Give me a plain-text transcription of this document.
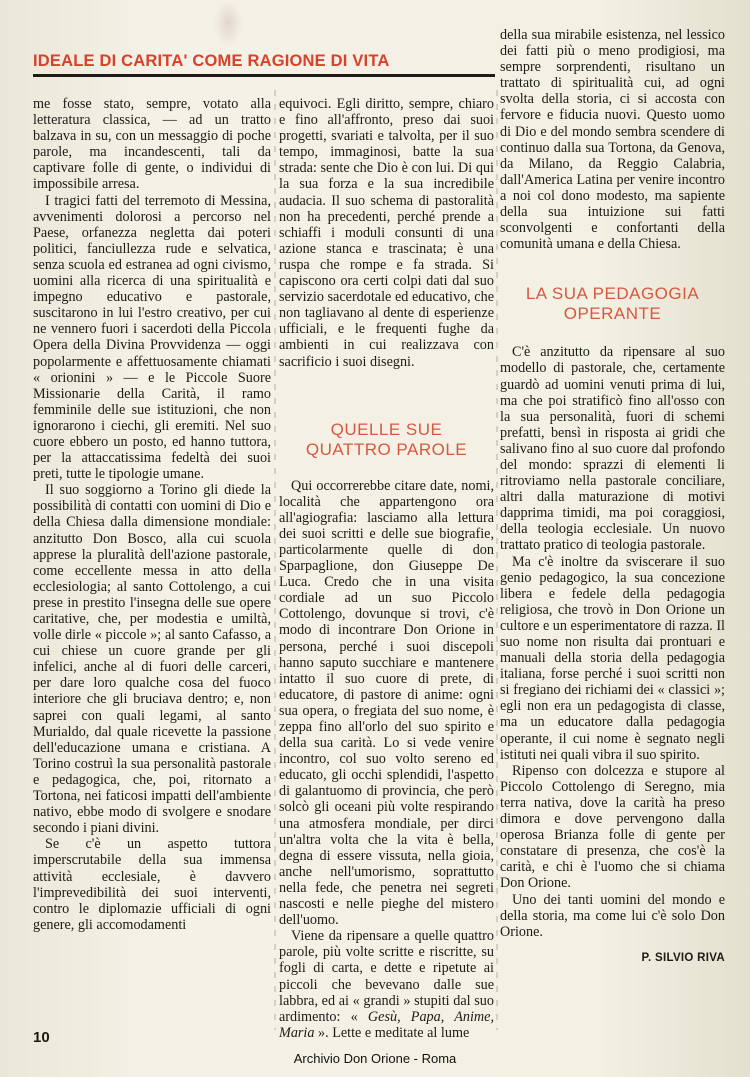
IDEALE DI CARITA' COME RAGIONE DI VITA

me fosse stato, sempre, votato alla letteratura classica, — ad un tratto balzava in su, con un messaggio di poche parole, ma incandescenti, tali da captivare folle di gente, o individui di impossibile arresa.

I tragici fatti del terremoto di Messina, avvenimenti dolorosi a percorso nel Paese, orfanezza negletta dai poteri politici, fanciullezza rude e selvatica, senza scuola ed estranea ad ogni civismo, uomini alla ricerca di una spiritualità e impegno educativo e pastorale, suscitarono in lui l'estro creativo, per cui ne vennero fuori i sacerdoti della Piccola Opera della Divina Provvidenza — oggi popolarmente e affettuosamente chiamati « orionini » — e le Piccole Suore Missionarie della Carità, il ramo femminile delle sue istituzioni, che non ignorarono i ciechi, gli eremiti. Nel suo cuore ebbero un posto, ed hanno tuttora, per la attaccatissima fedeltà dei suoi preti, tutte le tipologie umane.

Il suo soggiorno a Torino gli diede la possibilità di contatti con uomini di Dio e della Chiesa dalla dimensione mondiale: anzitutto Don Bosco, alla cui scuola apprese la pluralità dell'azione pastorale, come eccellente messa in atto della ecclesiologia; al santo Cottolengo, a cui prese in prestito l'insegna delle sue opere caritative, che, per modestia e umiltà, volle dirle « piccole »; al santo Cafasso, a cui chiese un cuore grande per gli infelici, anche al di fuori delle carceri, per dare loro qualche cosa del fuoco interiore che gli bruciava dentro; e, non saprei con quali legami, al santo Murialdo, dal quale ricevette la passione dell'educazione umana e cristiana. A Torino costruì la sua personalità pastorale e pedagogica, che, poi, ritornato a Tortona, nei faticosi impatti dell'ambiente nativo, ebbe modo di svolgere e snodare secondo i piani divini.

Se c'è un aspetto tuttora imperscrutabile della sua immensa attività ecclesiale, è davvero l'imprevedibilità dei suoi interventi, contro le diplomazie ufficiali di ogni genere, gli accomodamenti

equivoci. Egli diritto, sempre, chiaro e fino all'affronto, preso dai suoi progetti, svariati e talvolta, per il suo tempo, immaginosi, batte la sua strada: sente che Dio è con lui. Di qui la sua forza e la sua incredibile audacia. Il suo schema di pastoralità non ha precedenti, perché prende a schiaffi i moduli consunti di una azione stanca e trascinata; è una ruspa che rompe e fa strada. Si capiscono ora certi colpi dati dal suo servizio sacerdotale ed educativo, che non tagliavano al dente di esperienze ufficiali, e le frequenti fughe da ambienti in cui realizzava con sacrificio i suoi disegni.

QUELLE SUE
QUATTRO PAROLE

Qui occorrerebbe citare date, nomi, località che appartengono ora all'agiografia: lasciamo alla lettura dei suoi scritti e delle sue biografie, particolarmente quelle di don Sparpaglione, don Giuseppe De Luca. Credo che in una visita cordiale ad un suo Piccolo Cottolengo, dovunque si trovi, c'è modo di incontrare Don Orione in persona, perché i suoi discepoli hanno saputo succhiare e mantenere intatto il suo cuore di prete, di educatore, di pastore di anime: ogni sua opera, o fregiata del suo nome, è zeppa fino all'orlo del suo spirito e della sua carità. Lo si vede venire incontro, col suo volto sereno ed educato, gli occhi splendidi, l'aspetto di galantuomo di provincia, che però solcò gli oceani più volte respirando una atmosfera mondiale, per dirci un'altra volta che la vita è bella, degna di essere vissuta, nella gioia, anche nell'umorismo, soprattutto nella fede, che penetra nei segreti nascosti e nelle pieghe del mistero dell'uomo.

Viene da ripensare a quelle quattro parole, più volte scritte e riscritte, su fogli di carta, e dette e ripetute ai piccoli che bevevano dalle sue labbra, ed ai « grandi » stupiti dal suo ardimento: « Gesù, Papa, Anime, Maria ». Lette e meditate al lume

della sua mirabile esistenza, nel lessico dei fatti più o meno prodigiosi, ma sempre sorprendenti, risultano un trattato di spiritualità cui, ad ogni svolta della storia, ci si accosta con fervore e fiducia nuovi. Questo uomo di Dio e del mondo sembra scendere di continuo dalla sua Tortona, da Genova, da Milano, da Reggio Calabria, dall'America Latina per venire incontro a noi col dono modesto, ma sapiente della sua intuizione sui fatti sconvolgenti e confortanti della comunità umana e della Chiesa.

LA SUA PEDAGOGIA
OPERANTE

C'è anzitutto da ripensare al suo modello di pastorale, che, certamente guardò ad uomini venuti prima di lui, ma che poi stratificò fino all'osso con la sua personalità, fuori di schemi prefatti, bensì in risposta ai gridi che salivano fino al suo cuore dal profondo del mondo: sprazzi di elementi li ritroviamo nella pastorale conciliare, altri dalla maturazione di motivi dapprima timidi, ma poi coraggiosi, della teologia ecclesiale. Un nuovo trattato pratico di teologia pastorale.

Ma c'è inoltre da sviscerare il suo genio pedagogico, la sua concezione libera e fedele della pedagogia religiosa, che trovò in Don Orione un cultore e un esperimentatore di razza. Il suo nome non risulta dai prontuari e manuali della storia della pedagogia italiana, forse perché i suoi scritti non si fregiano dei richiami dei « classici »; egli non era un pedagogista di classe, ma un educatore dalla pedagogia operante, il cui nome è segnato negli istituti nei quali vibra il suo spirito.

Ripenso con dolcezza e stupore al Piccolo Cottolengo di Seregno, mia terra nativa, dove la carità ha preso dimora e dove pervengono dalla operosa Brianza folle di gente per constatare di presenza, che cos'è la carità, e chi è l'uomo che si chiama Don Orione.

Uno dei tanti uomini del mondo e della storia, ma come lui c'è solo Don Orione.

P. SILVIO RIVA
10
Archivio Don Orione - Roma
